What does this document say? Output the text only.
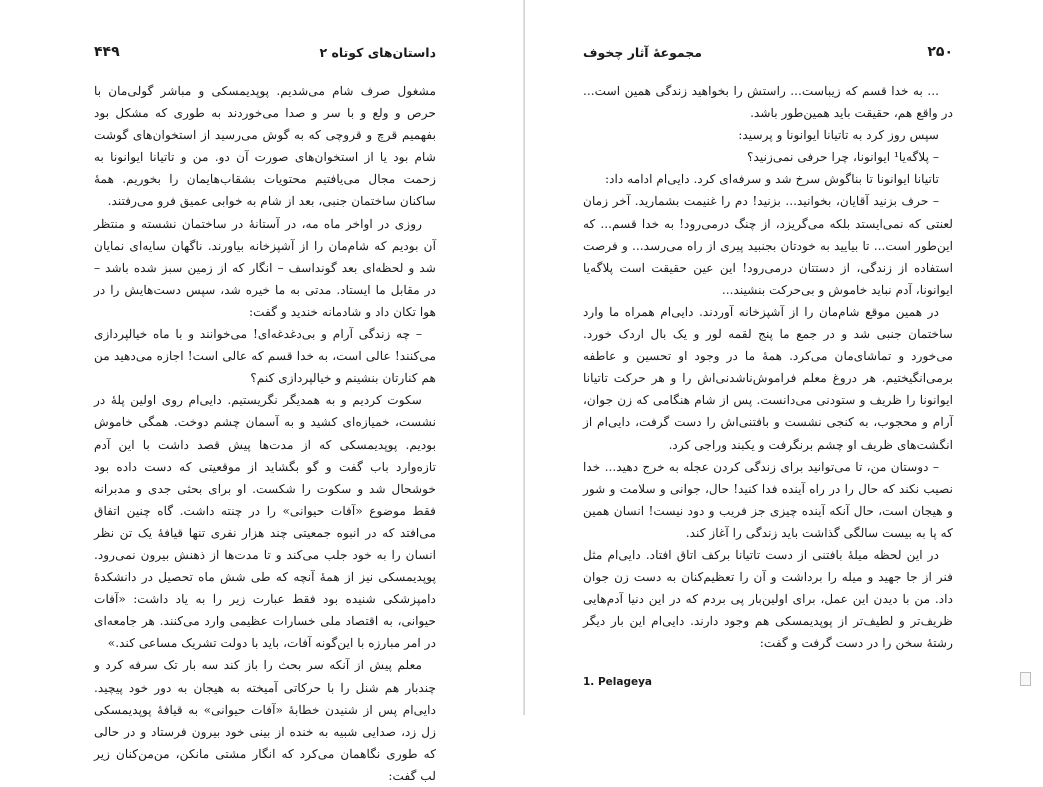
۴۴۹	داستان‌های کوتاه ۲

مشغول صرف شام می‌شدیم. پوپدیمسکی و مباشر گولی‌مان با حرص و ولع و با سر و صدا می‌خوردند به طوری که مشکل بود بفهمیم قرچ و قروچی که به گوش می‌رسید از استخوان‌های گوشت شام بود یا از استخوان‌های صورت آن دو. من و تاتیانا ایوانونا به زحمت مجال می‌یافتیم محتویات بشقاب‌هایمان را بخوریم. همهٔ ساکنان ساختمان جنبی، بعد از شام به خوابی عمیق فرو می‌رفتند.

روزی در اواخر ماه مه، در آستانهٔ در ساختمان نشسته و منتظر آن بودیم که شام‌مان را از آشپزخانه بیاورند. ناگهان سایه‌ای نمایان شد و لحظه‌ای بعد گونداسف – انگار که از زمین سبز شده باشد – در مقابل ما ایستاد. مدتی به ما خیره شد، سپس دست‌هایش را در هوا تکان داد و شادمانه خندید و گفت:

– چه زندگی آرام و بی‌دغدغه‌ای! می‌خوانند و با ماه خیالپردازی می‌کنند! عالی است، به خدا قسم که عالی است! اجازه می‌دهید من هم کنارتان بنشینم و خیالپردازی کنم؟

سکوت کردیم و به همدیگر نگریستیم. دایی‌ام روی اولین پلهٔ در نشست، خمیازه‌ای کشید و به آسمان چشم دوخت. همگی خاموش بودیم. پوپدیمسکی که از مدت‌ها پیش قصد داشت با این آدم تازه‌وارد باب گفت و گو بگشاید از موقعیتی که دست داده بود خوشحال شد و سکوت را شکست. او برای بحثی جدی و مدبرانه فقط موضوع «آفات حیوانی» را در چنته داشت. گاه چنین اتفاق می‌افتد که در انبوه جمعیتی چند هزار نفری تنها قیافهٔ یک تن نظر انسان را به خود جلب می‌کند و تا مدت‌ها از ذهنش بیرون نمی‌رود. پوپدیمسکی نیز از همهٔ آنچه که طی شش ماه تحصیل در دانشکدهٔ دامپزشکی شنیده بود فقط عبارت زیر را به یاد داشت: «آفات حیوانی، به اقتصاد ملی خسارات عظیمی وارد می‌کنند. هر جامعه‌ای در امر مبارزه با این‌گونه آفات، باید با دولت تشریک مساعی کند.»

معلم پیش از آنکه سر بحث را باز کند سه بار تک سرفه کرد و چندبار هم شنل را با حرکاتی آمیخته به هیجان به دور خود پیچید. دایی‌ام پس از شنیدن خطابهٔ «آفات حیوانی» به قیافهٔ پوپدیمسکی زل زد، صدایی شبیه به خنده از بینی خود بیرون فرستاد و در حالی که طوری نگاهمان می‌کرد که انگار مشتی مانکن، من‌من‌کنان زیر لب گفت:

۲۵۰
مجموعهٔ آثار چخوف

... به خدا قسم که زیباست... راستش را بخواهید زندگی همین است... در واقع هم، حقیقت باید همین‌طور باشد.

سپس روز کرد به تاتیانا ایوانونا و پرسید:

– پلاگه‌یا¹ ایوانونا، چرا حرفی نمی‌زنید؟

تاتیانا ایوانونا تا بناگوش سرخ شد و سرفه‌ای کرد. دایی‌ام ادامه داد:

– حرف بزنید آقایان، بخوانید... بزنید! دم را غنیمت بشمارید. آخر زمان لعنتی که نمی‌ایستد بلکه می‌گریزد، از چنگ درمی‌رود! به خدا قسم... که این‌طور است... تا بیایید به خودتان بجنبید پیری از راه می‌رسد... و فرصت استفاده از زندگی، از دستتان درمی‌رود! این عین حقیقت است پلاگه‌یا ایوانونا، آدم نباید خاموش و بی‌حرکت بنشیند...

در همین موقع شام‌مان را از آشپزخانه آوردند. دایی‌ام همراه ما وارد ساختمان جنبی شد و در جمع ما پنج لقمه لور و یک بال اردک خورد. می‌خورد و تماشای‌مان می‌کرد. همهٔ ما در وجود او تحسین و عاطفه برمی‌انگیختیم. هر دروغ معلم فراموش‌ناشدنی‌اش را و هر حرکت تاتیانا ایوانونا را ظریف و ستودنی می‌دانست. پس از شام هنگامی که زن جوان، آرام و محجوب، به کنجی نشست و بافتنی‌اش را دست گرفت، دایی‌ام از انگشت‌های ظریف او چشم برنگرفت و یکبند وراجی کرد.

– دوستان من، تا می‌توانید برای زندگی کردن عجله به خرج دهید... خدا نصیب نکند که حال را در راه آینده فدا کنید! حال، جوانی و سلامت و شور و هیجان است، حال آنکه آینده چیزی جز فریب و دود نیست! انسان همین که پا به بیست سالگی گذاشت باید زندگی را آغاز کند.

در این لحظه میلهٔ بافتنی از دست تاتیانا برکف اتاق افتاد. دایی‌ام مثل فنر از جا جهید و میله را برداشت و آن را تعظیم‌کنان به دست زن جوان داد. من با دیدن این عمل، برای اولین‌بار پی بردم که در این دنیا آدم‌هایی ظریف‌تر و لطیف‌تر از پوپدیمسکی هم وجود دارند. دایی‌ام این بار دیگر رشتهٔ سخن را در دست گرفت و گفت:

1. Pelageya
